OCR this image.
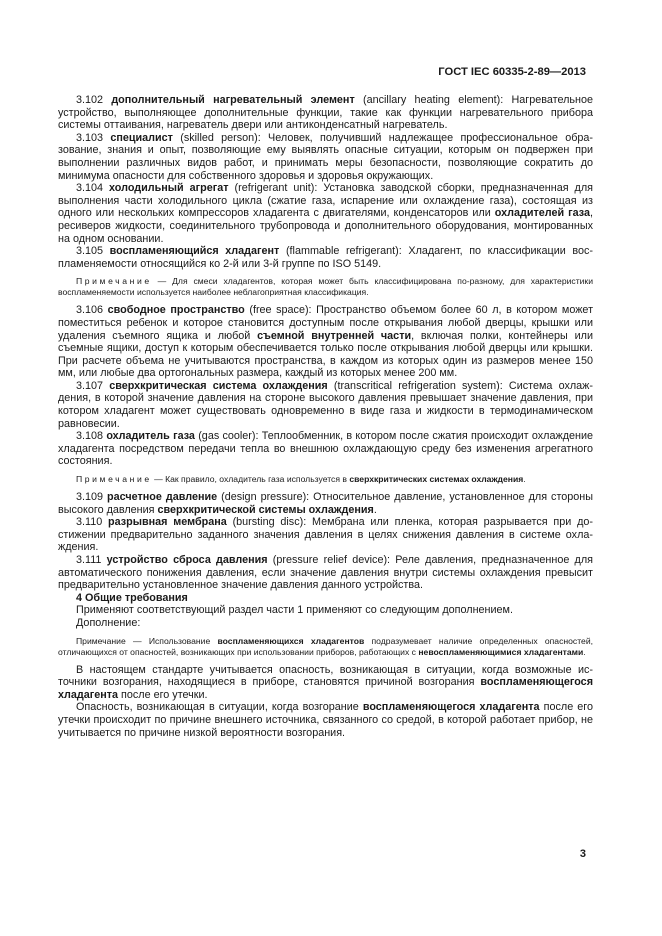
ГОСТ IEC 60335-2-89—2013

3.102 дополнительный нагревательный элемент (ancillary heating element): Нагревательное устройство, выполняющее дополнительные функции, такие как функции нагревательного прибора системы оттаивания, нагреватель двери или антиконденсатный нагреватель.

3.103 специалист (skilled person): Человек, получивший надлежащее профессиональное образование, знания и опыт, позволяющие ему выявлять опасные ситуации, которым он подвержен при выполнении различных видов работ, и принимать меры безопасности, позволяющие сократить до минимума опасности для собственного здоровья и здоровья окружающих.

3.104 холодильный агрегат (refrigerant unit): Установка заводской сборки, предназначенная для выполнения части холодильного цикла (сжатие газа, испарение или охлаждение газа), состоящая из одного или нескольких компрессоров хладагента с двигателями, конденсаторов или охладителей газа, ресиверов жидкости, соединительного трубопровода и дополнительного оборудования, монтированных на одном основании.

3.105 воспламеняющийся хладагент (flammable refrigerant): Хладагент, по классификации воспламеняемости относящийся ко 2-й или 3-й группе по ISO 5149.

Примечание — Для смеси хладагентов, которая может быть классифицирована по-разному, для характеристики воспламеняемости используется наиболее неблагоприятная классификация.

3.106 свободное пространство (free space): Пространство объемом более 60 л, в котором может поместиться ребенок и которое становится доступным после открывания любой дверцы, крышки или удаления съемного ящика и любой съемной внутренней части, включая полки, контейнеры или съемные ящики, доступ к которым обеспечивается только после открывания любой дверцы или крышки. При расчете объема не учитываются пространства, в каждом из которых один из размеров менее 150 мм, или любые два ортогональных размера, каждый из которых менее 200 мм.

3.107 сверхкритическая система охлаждения (transcritical refrigeration system): Система охлаждения, в которой значение давления на стороне высокого давления превышает значение давления, при котором хладагент может существовать одновременно в виде газа и жидкости в термодинамическом равновесии.

3.108 охладитель газа (gas cooler): Теплообменник, в котором после сжатия происходит охлаждение хладагента посредством передачи тепла во внешнюю охлаждающую среду без изменения агрегатного состояния.

Примечание — Как правило, охладитель газа используется в сверхкритических системах охлаждения.

3.109 расчетное давление (design pressure): Относительное давление, установленное для стороны высокого давления сверхкритической системы охлаждения.

3.110 разрывная мембрана (bursting disc): Мембрана или пленка, которая разрывается при достижении предварительно заданного значения давления в целях снижения давления в системе охлаждения.

3.111 устройство сброса давления (pressure relief device): Реле давления, предназначенное для автоматического понижения давления, если значение давления внутри системы охлаждения превысит предварительно установленное значение давления данного устройства.

4 Общие требования

Применяют соответствующий раздел части 1 применяют со следующим дополнением.

Дополнение:

Примечание — Использование воспламеняющихся хладагентов подразумевает наличие определенных опасностей, отличающихся от опасностей, возникающих при использовании приборов, работающих с невоспламеняющимися хладагентами.

В настоящем стандарте учитывается опасность, возникающая в ситуации, когда возможные источники возгорания, находящиеся в приборе, становятся причиной возгорания воспламеняющегося хладагента после его утечки.

Опасность, возникающая в ситуации, когда возгорание воспламеняющегося хладагента после его утечки происходит по причине внешнего источника, связанного со средой, в которой работает прибор, не учитывается по причине низкой вероятности возгорания.

3
